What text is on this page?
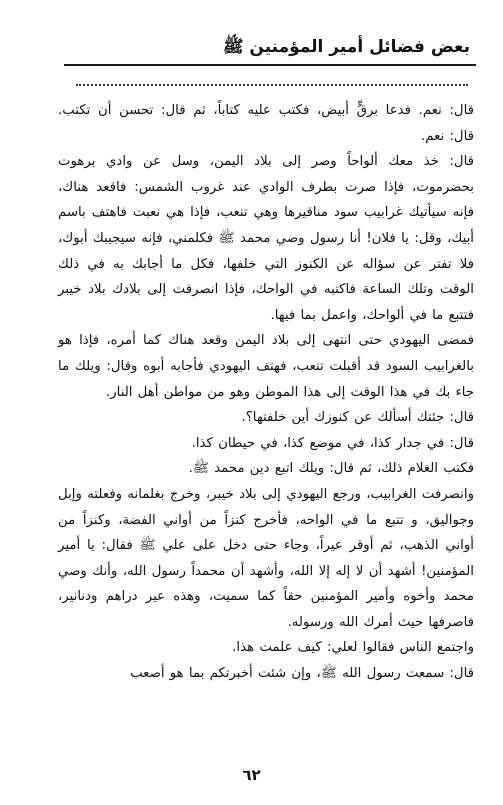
بعض فضائل أمير المؤمنين ﷺ

قال: نعم. فدعا برقٍّ أبيض، فكتب عليه كتاباً، ثم قال: تحسن أن تكتب. قال: نعم.

قال: خذ معك ألواحاً وصر إلى بلاد اليمن، وسل عن وادي برهوت بحضرموت، فإذا صرت بطرف الوادي عند غروب الشمس: فاقعد هناك، فإنه سيأتيك غرابيب سود مناقيرها وهي تنعب، فإذا هي نعبت فاهتف باسم أبيك، وقل: يا فلان! أنا رسول وصي محمد ﷺ فكلمني، فإنه سيجيبك أبوك، فلا تفتر عن سؤاله عن الكنوز التي خلفها، فكل ما أجابك به في ذلك الوقت وتلك الساعة فاكتبه في الواحك، فإذا انصرفت إلى بلادك بلاد خيبر فتتبع ما في ألواحك، واعمل بما فيها.

فمضى اليهودي حتى انتهى إلى بلاد اليمن وقعد هناك كما أمره، فإذا هو بالغرابيب السود قد أقبلت تنعب، فهتف اليهودي فأجابه أبوه وقال: ويلك ما جاء بك في هذا الوقت إلى هذا الموطن وهو من مواطن أهل النار.

قال: جئتك أسألك عن كنوزك أين خلفتها؟.

قال: في جدار كذا، في موضع كذا، في حيطان كذا.

فكتب الغلام ذلك، ثم قال: ويلك اتبع دين محمد ﷺ.

وانصرفت الغرابيب، ورجع اليهودي إلى بلاد خيبر، وخرج بغلمانه وفعلته وإبل وجواليق، و تتبع ما في الواحه، فأخرج كنزاً من أواني الفضة، وكنزاً من أواني الذهب، ثم أوقر عيراً، وجاء حتى دخل على علي ﷺ فقال: يا أمير المؤمنين! أشهد أن لا إله إلا الله، وأشهد أن محمداً رسول الله، وأنك وصي محمد وأخوه وأمير المؤمنين حقاً كما سميت، وهذه عير دراهم ودنانير، فاصرفها حيث أمرك الله ورسوله.

واجتمع الناس فقالوا لعلي: كيف علمت هذا.

قال: سمعت رسول الله ﷺ، وإن شئت أخبرتكم بما هو أصعب

٦٢
